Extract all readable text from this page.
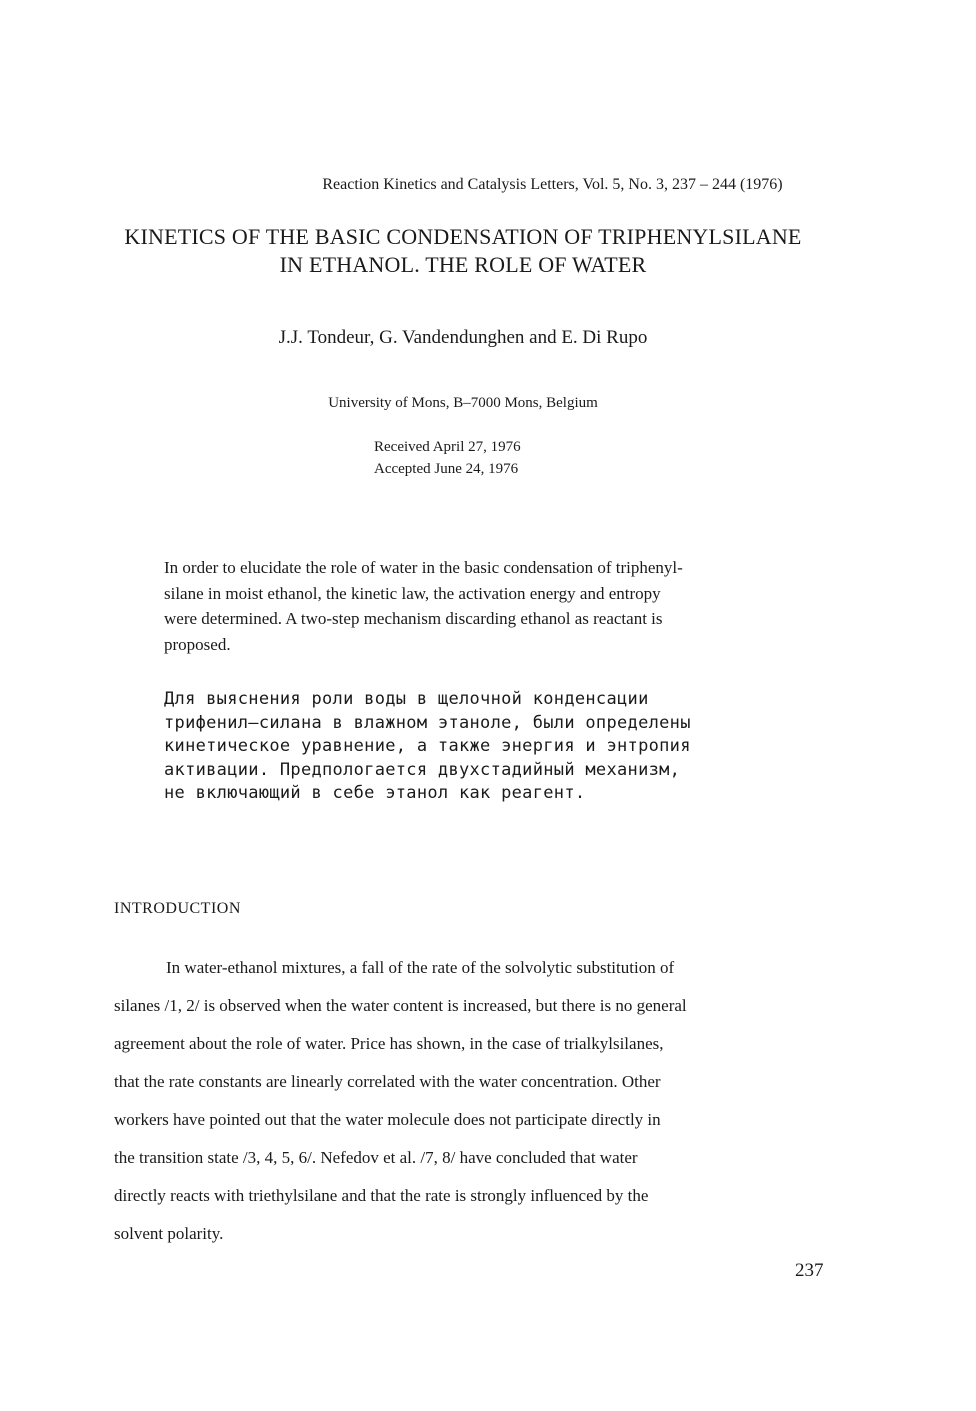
Reaction Kinetics and Catalysis Letters, Vol. 5, No. 3, 237 – 244 (1976)
KINETICS OF THE BASIC CONDENSATION OF TRIPHENYLSILANE
IN ETHANOL. THE ROLE OF WATER
J.J. Tondeur, G. Vandendunghen and E. Di Rupo
University of Mons, B–7000 Mons, Belgium
Received April 27, 1976
Accepted June 24, 1976
In order to elucidate the role of water in the basic condensation of triphenyl-
silane in moist ethanol, the kinetic law, the activation energy and entropy
were determined. A two-step mechanism discarding ethanol as reactant is
proposed.
Для выяснения роли воды в щелочной конденсации
трифенил–силана в влажном этаноле, были определены
кинетическое уравнение, а также энергия и энтропия
активации. Предпологается двухстадийный механизм,
не включающий в себе этанол как реагент.
INTRODUCTION
In water-ethanol mixtures, a fall of the rate of the solvolytic substitution of
silanes /1, 2/ is observed when the water content is increased, but there is no general
agreement about the role of water. Price has shown, in the case of trialkylsilanes,
that the rate constants are linearly correlated with the water concentration. Other
workers have pointed out that the water molecule does not participate directly in
the transition state /3, 4, 5, 6/. Nefedov et al. /7, 8/ have concluded that water
directly reacts with triethylsilane and that the rate is strongly influenced by the
solvent polarity.
237
